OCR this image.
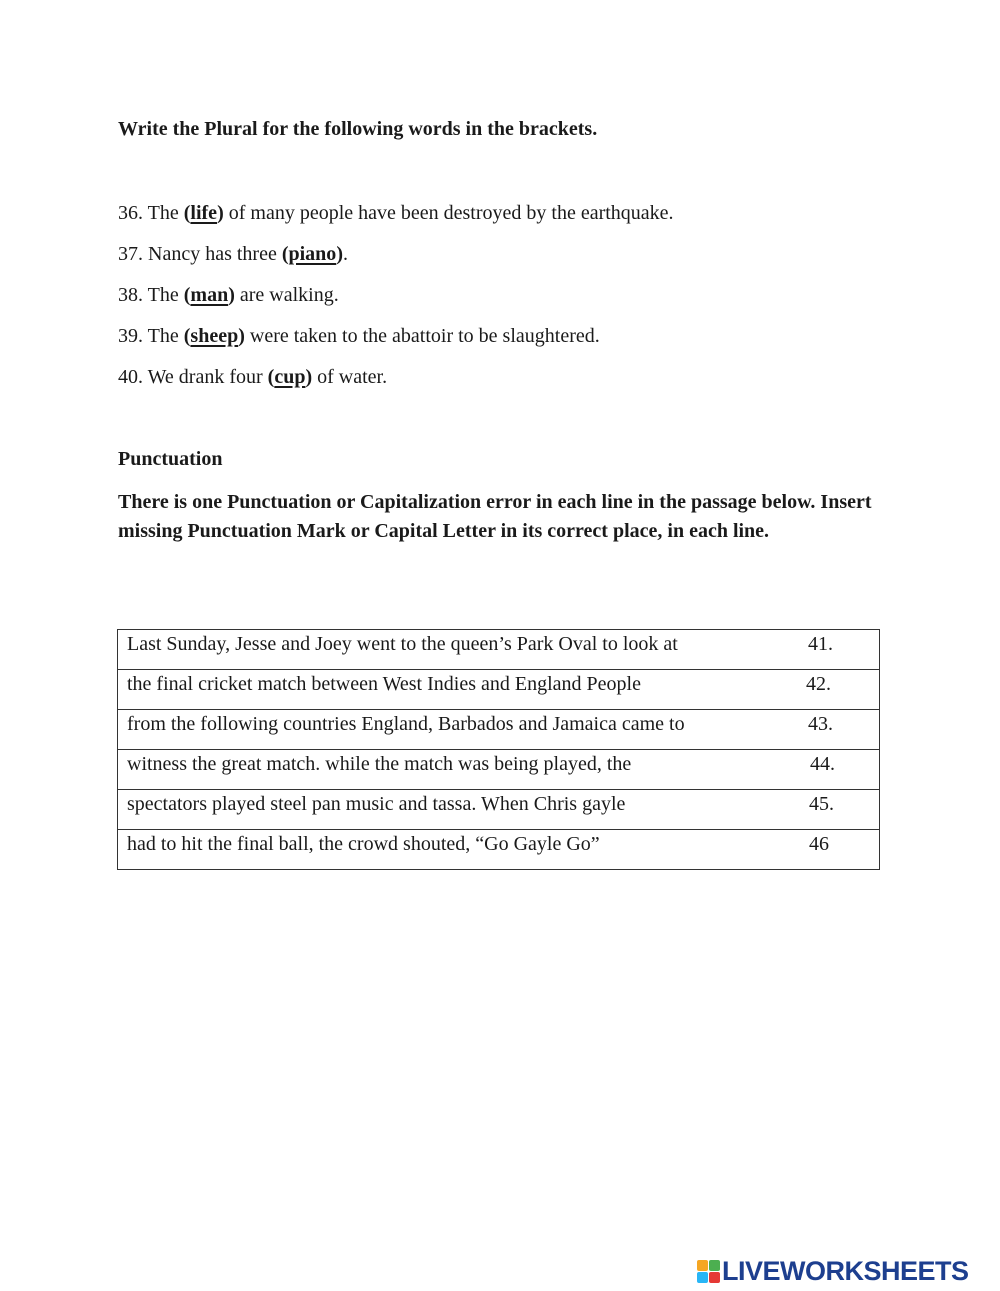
Write the Plural for the following words in the brackets.
36. The (life) of many people have been destroyed by the earthquake.
37. Nancy has three (piano).
38. The (man) are walking.
39. The (sheep) were taken to the abattoir to be slaughtered.
40. We drank four (cup) of water.
Punctuation

There is one Punctuation or Capitalization error in each line in the passage below. Insert missing Punctuation Mark or Capital Letter in its correct place, in each line.

Last Sunday, Jesse and Joey went to the queen’s Park Oval to look at	41.

the final cricket match between West Indies and England People	42.

from the following countries England, Barbados and Jamaica came to	43.

witness the great match. while the match was being played, the	44.

spectators played steel pan music and tassa. When Chris gayle	45.

had to hit the final ball, the crowd shouted, “Go Gayle Go”	46
LIVEWORKSHEETS
